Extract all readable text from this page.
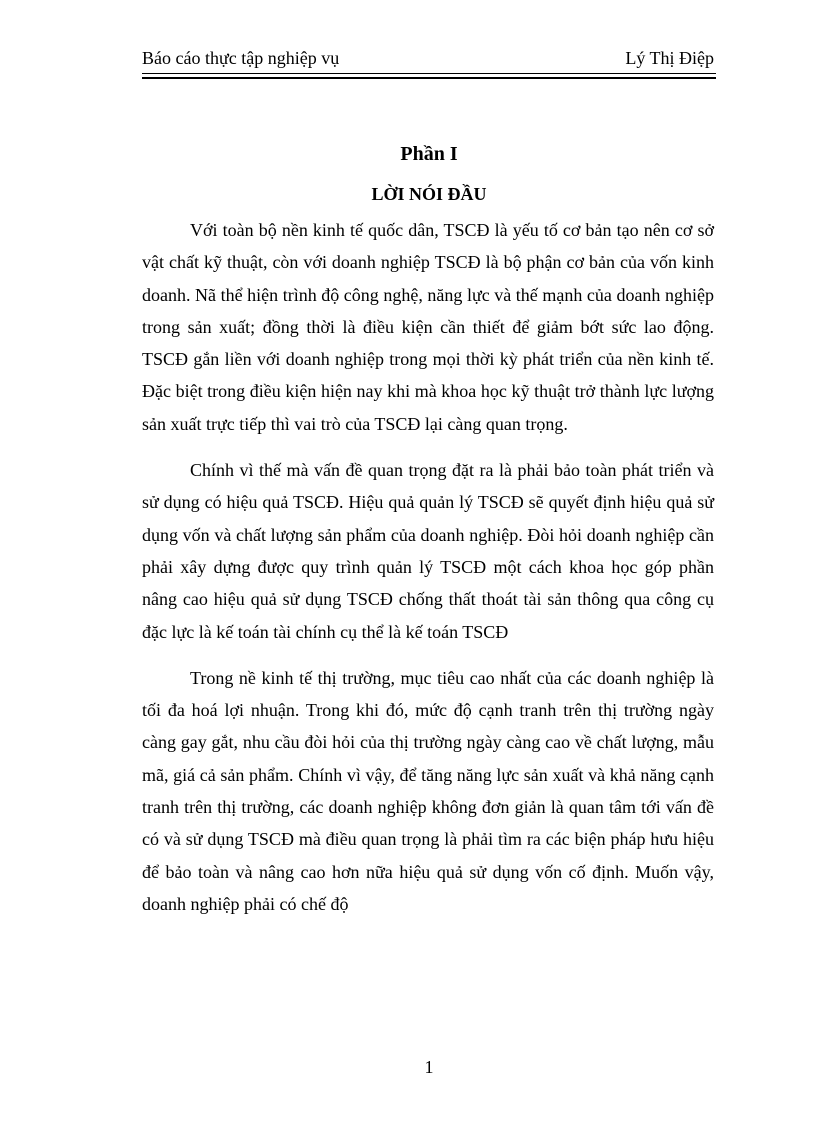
Báo cáo thực tập nghiệp vụ	Lý Thị Điệp
Phần I
LỜI NÓI ĐẦU

Với toàn bộ nền kinh tế quốc dân, TSCĐ là yếu tố cơ bản tạo nên cơ sở vật chất kỹ thuật, còn với doanh nghiệp TSCĐ là bộ phận cơ bản của vốn kinh doanh. Nã thể hiện trình độ công nghệ, năng lực và thế mạnh của doanh nghiệp trong sản xuất; đồng thời là điều kiện cần thiết để giảm bớt sức lao động. TSCĐ gắn liền với doanh nghiệp trong mọi thời kỳ phát triển của nền kinh tế. Đặc biệt trong điều kiện hiện nay khi mà khoa học kỹ thuật trở thành lực lượng sản xuất trực tiếp thì vai trò của TSCĐ lại càng quan trọng.

Chính vì thế mà vấn đề quan trọng đặt ra là phải bảo toàn phát triển và sử dụng có hiệu quả TSCĐ. Hiệu quả quản lý TSCĐ sẽ quyết định hiệu quả sử dụng vốn và chất lượng sản phẩm của doanh nghiệp. Đòi hỏi doanh nghiệp cần phải xây dựng được quy trình quản lý TSCĐ một cách khoa học góp phần nâng cao hiệu quả sử dụng TSCĐ chống thất thoát tài sản thông qua công cụ đặc lực là kế toán tài chính cụ thể là kế toán TSCĐ

Trong nề kinh tế thị trường, mục tiêu cao nhất của các doanh nghiệp là tối đa hoá lợi nhuận. Trong khi đó, mức độ cạnh tranh trên thị trường ngày càng gay gắt, nhu cầu đòi hỏi của thị trường ngày càng cao về chất lượng, mẫu mã, giá cả sản phẩm. Chính vì vậy, để tăng năng lực sản xuất và khả năng cạnh tranh trên thị trường, các doanh nghiệp không đơn giản là quan tâm tới vấn đề có và sử dụng TSCĐ mà điều quan trọng là phải tìm ra các biện pháp hưu hiệu để bảo toàn và nâng cao hơn nữa hiệu quả sử dụng vốn cố định. Muốn vậy, doanh nghiệp phải có chế độ

1
